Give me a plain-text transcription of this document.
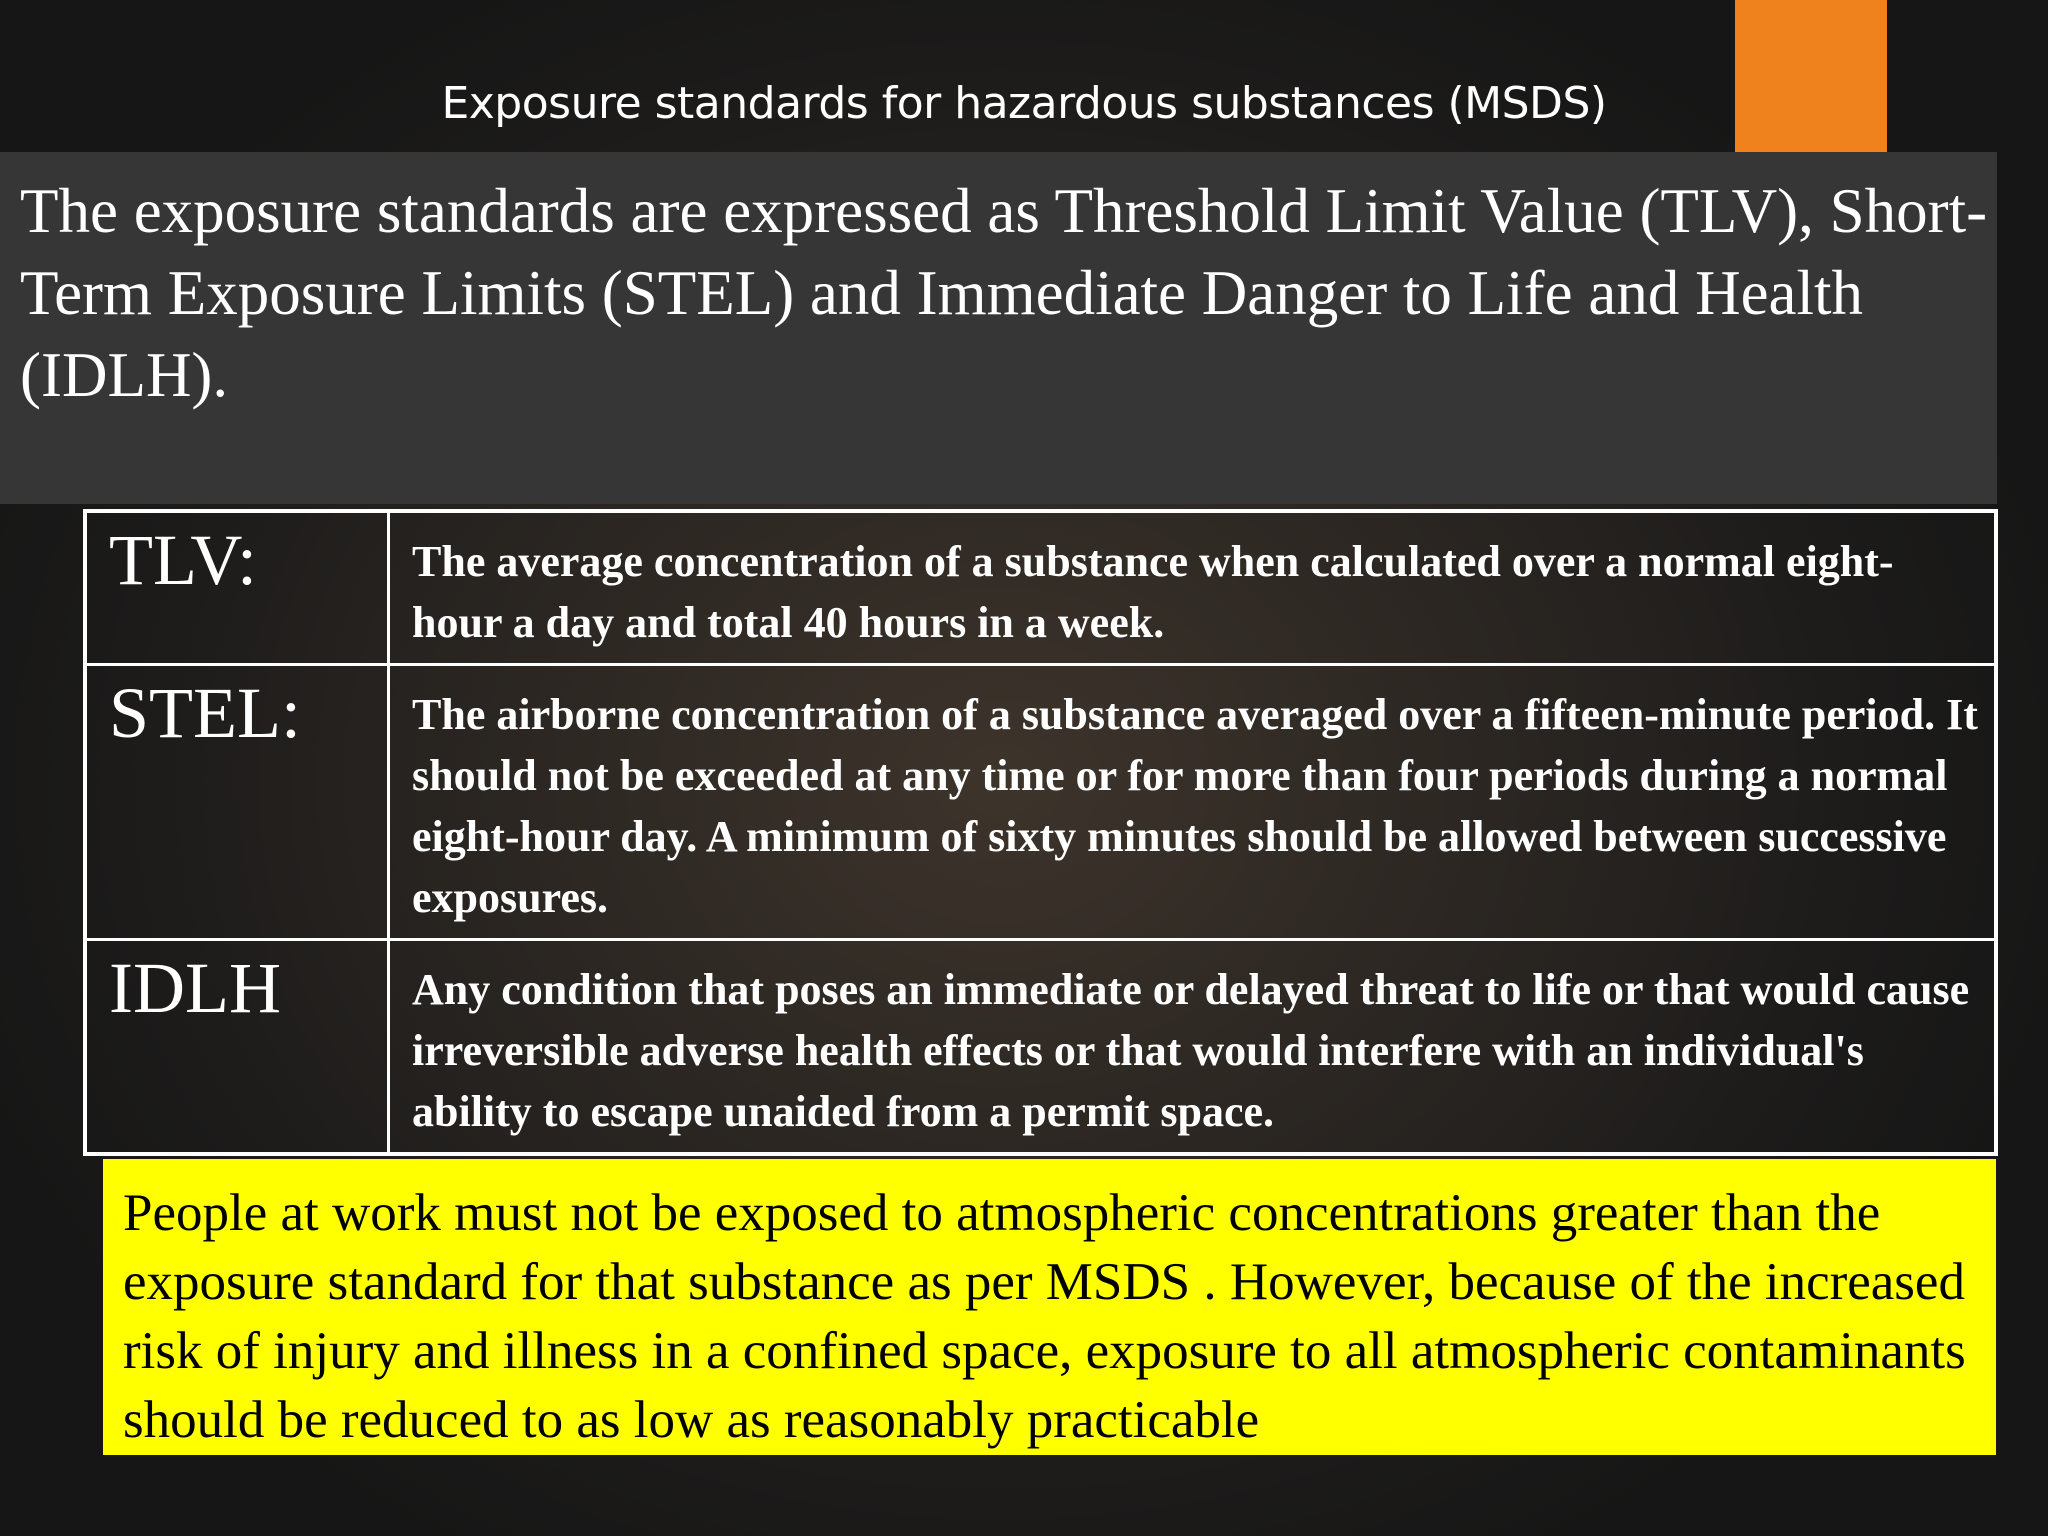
Exposure standards for hazardous substances (MSDS)

The exposure standards are expressed as Threshold Limit Value (TLV), Short-Term Exposure Limits (STEL) and Immediate Danger to Life and Health (IDLH).

TLV:	The average concentration of a substance when calculated over a normal eight-hour a day and total 40 hours in a week.
STEL:	The airborne concentration of a substance averaged over a fifteen-minute period. It should not be exceeded at any time or for more than four periods during a normal eight-hour day. A minimum of sixty minutes should be allowed between successive exposures.
IDLH	Any condition that poses an immediate or delayed threat to life or that would cause irreversible adverse health effects or that would interfere with an individual's ability to escape unaided from a permit space.

People at work must not be exposed to atmospheric concentrations greater than the exposure standard for that substance as per MSDS . However, because of the increased risk of injury and illness in a confined space, exposure to all atmospheric contaminants should be reduced to as low as reasonably practicable
